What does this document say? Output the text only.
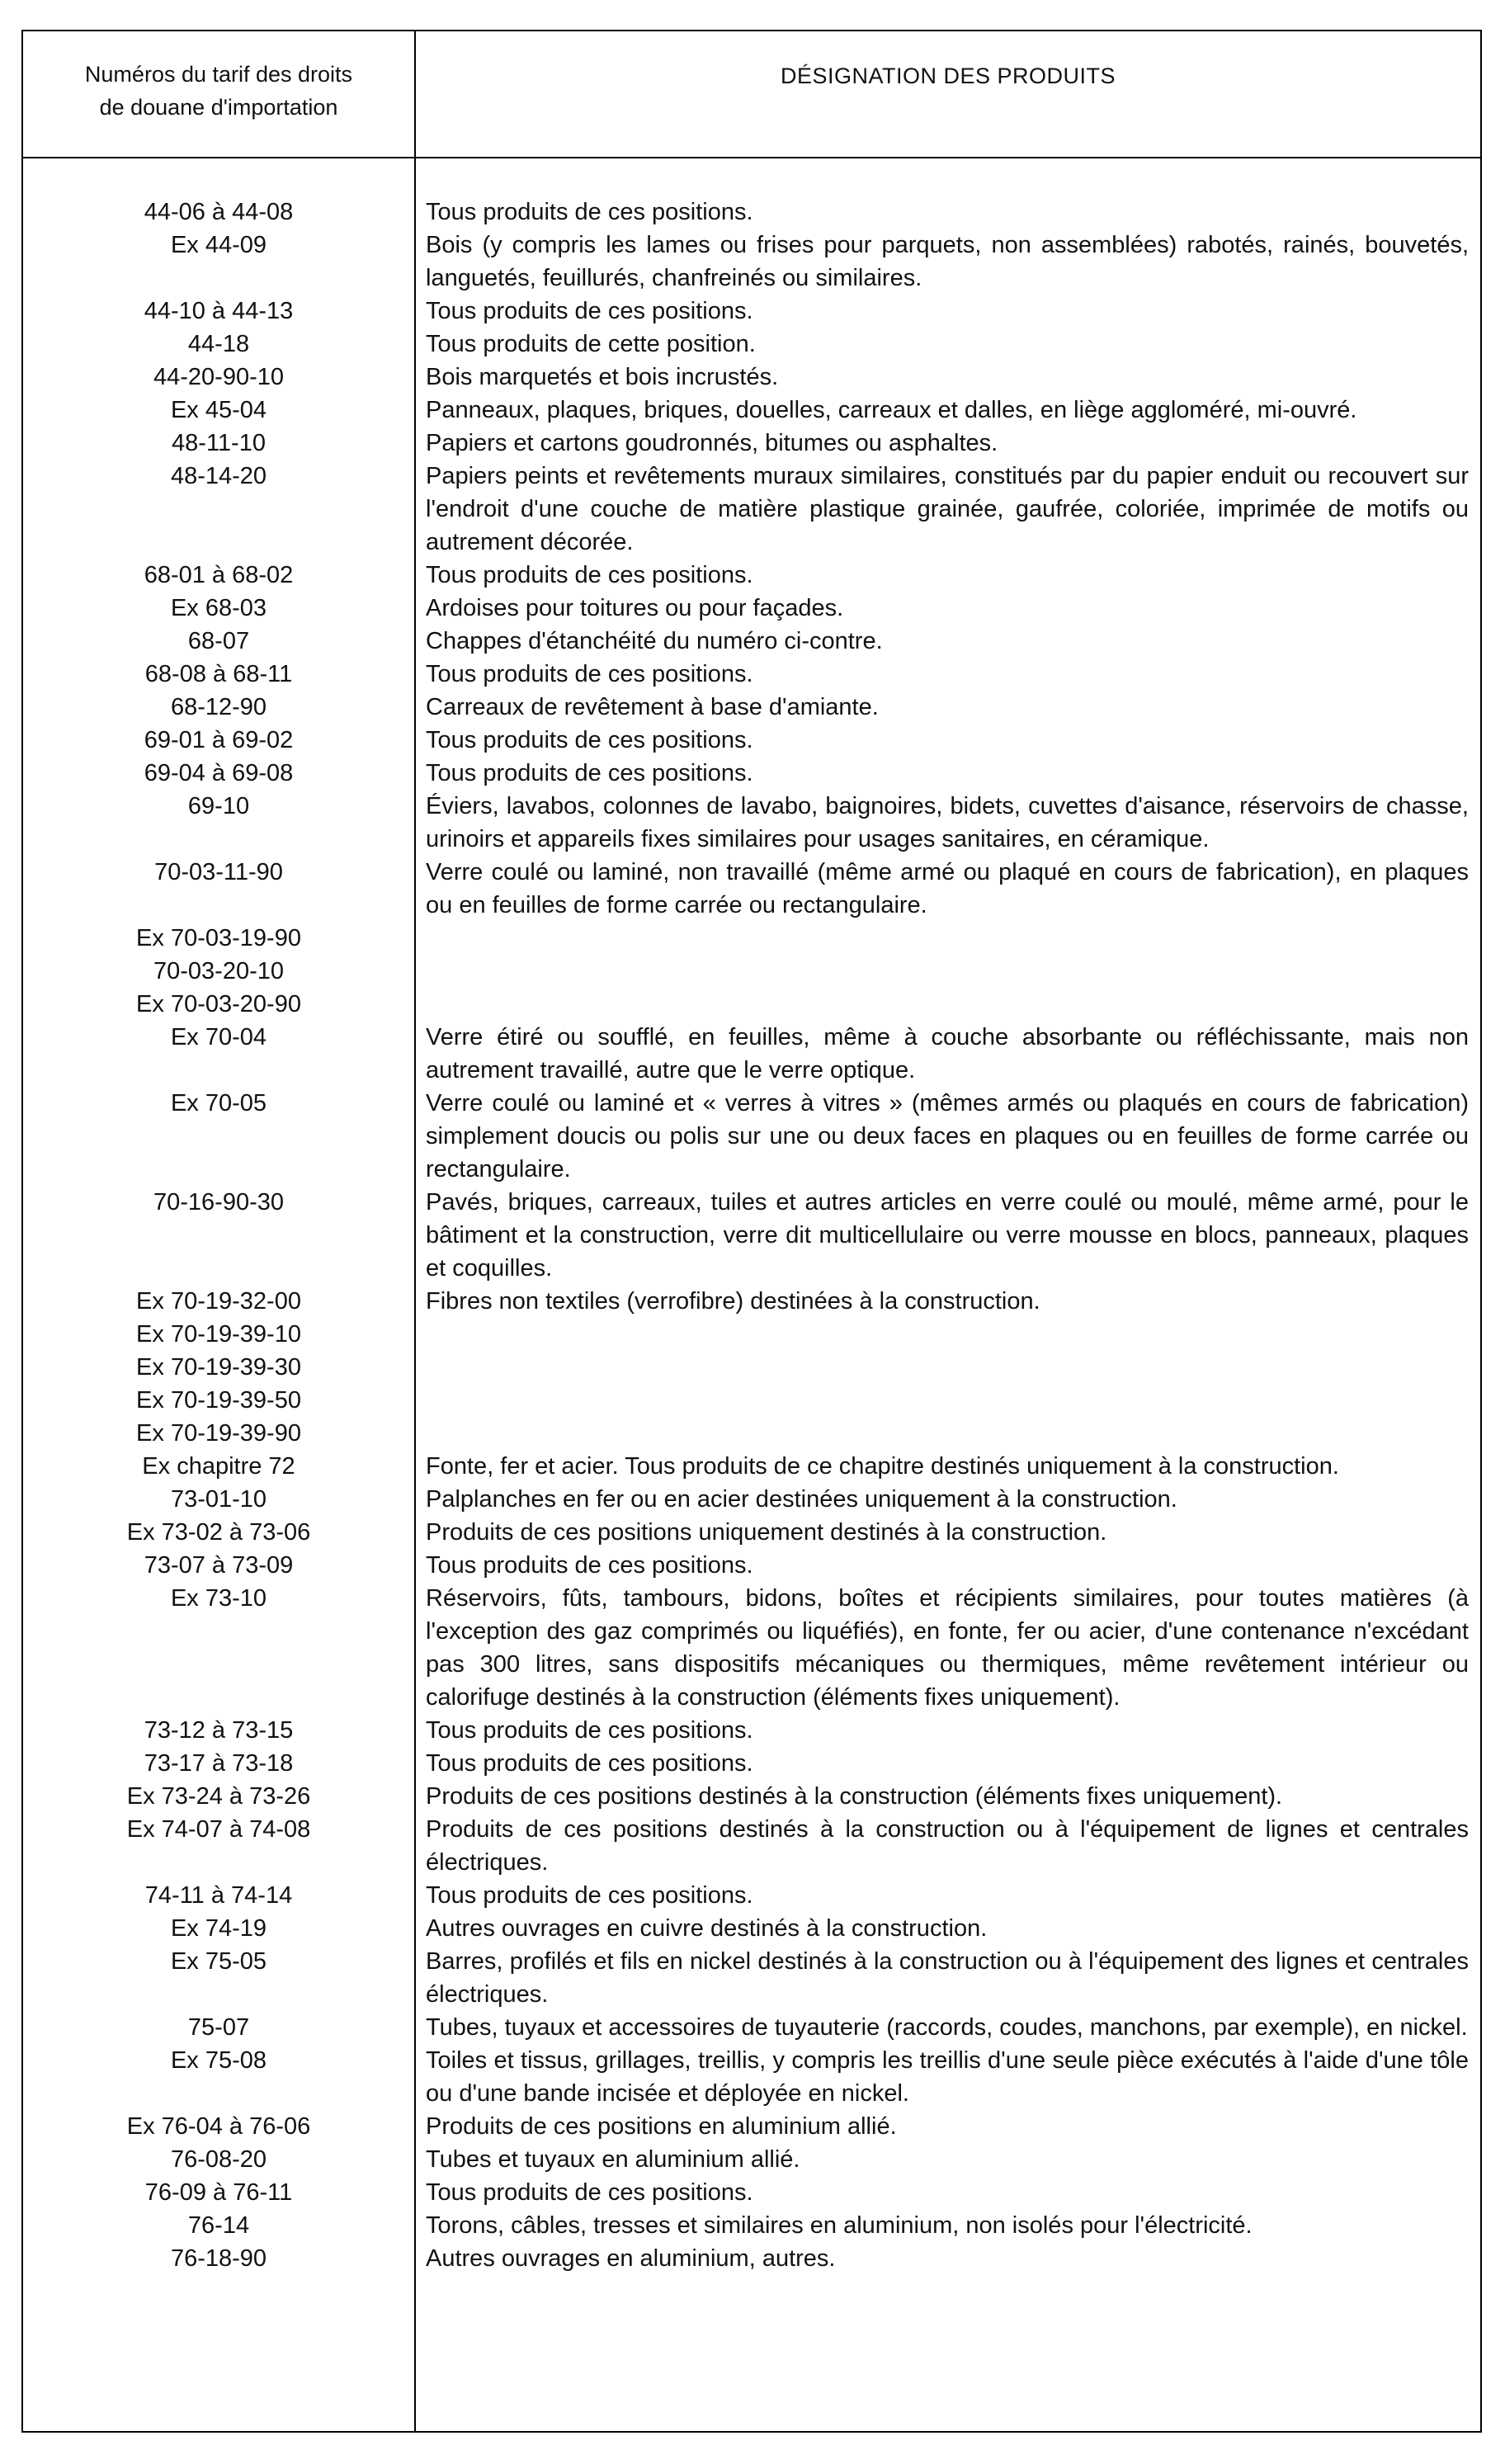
Numéros du tarif des droits
de douane d'importation
DÉSIGNATION DES PRODUITS
44-06 à 44-08	Tous produits de ces positions.
Ex 44-09	Bois (y compris les lames ou frises pour parquets, non assemblées) rabotés, rainés, bouvetés, languetés, feuillurés, chanfreinés ou similaires.
44-10 à 44-13	Tous produits de ces positions.
44-18	Tous produits de cette position.
44-20-90-10	Bois marquetés et bois incrustés.
Ex 45-04	Panneaux, plaques, briques, douelles, carreaux et dalles, en liège aggloméré, mi-ouvré.
48-11-10	Papiers et cartons goudronnés, bitumes ou asphaltes.
48-14-20	Papiers peints et revêtements muraux similaires, constitués par du papier enduit ou recouvert sur l'endroit d'une couche de matière plastique grainée, gaufrée, coloriée, imprimée de motifs ou autrement décorée.
68-01 à 68-02	Tous produits de ces positions.
Ex 68-03	Ardoises pour toitures ou pour façades.
68-07	Chappes d'étanchéité du numéro ci-contre.
68-08 à 68-11	Tous produits de ces positions.
68-12-90	Carreaux de revêtement à base d'amiante.
69-01 à 69-02	Tous produits de ces positions.
69-04 à 69-08	Tous produits de ces positions.
69-10	Éviers, lavabos, colonnes de lavabo, baignoires, bidets, cuvettes d'aisance, réservoirs de chasse, urinoirs et appareils fixes similaires pour usages sanitaires, en céramique.
70-03-11-90	Verre coulé ou laminé, non travaillé (même armé ou plaqué en cours de fabrication), en plaques ou en feuilles de forme carrée ou rectangulaire.
Ex 70-03-19-90
70-03-20-10
Ex 70-03-20-90
Ex 70-04	Verre étiré ou soufflé, en feuilles, même à couche absorbante ou réfléchissante, mais non autrement travaillé, autre que le verre optique.
Ex 70-05	Verre coulé ou laminé et « verres à vitres » (mêmes armés ou plaqués en cours de fabrication) simplement doucis ou polis sur une ou deux faces en plaques ou en feuilles de forme carrée ou rectangulaire.
70-16-90-30	Pavés, briques, carreaux, tuiles et autres articles en verre coulé ou moulé, même armé, pour le bâtiment et la construction, verre dit multicellulaire ou verre mousse en blocs, panneaux, plaques et coquilles.
Ex 70-19-32-00	Fibres non textiles (verrofibre) destinées à la construction.
Ex 70-19-39-10
Ex 70-19-39-30
Ex 70-19-39-50
Ex 70-19-39-90
Ex chapitre 72	Fonte, fer et acier. Tous produits de ce chapitre destinés uniquement à la construction.
73-01-10	Palplanches en fer ou en acier destinées uniquement à la construction.
Ex 73-02 à 73-06	Produits de ces positions uniquement destinés à la construction.
73-07 à 73-09	Tous produits de ces positions.
Ex 73-10	Réservoirs, fûts, tambours, bidons, boîtes et récipients similaires, pour toutes matières (à l'exception des gaz comprimés ou liquéfiés), en fonte, fer ou acier, d'une contenance n'excédant pas 300 litres, sans dispositifs mécaniques ou thermiques, même revêtement intérieur ou calorifuge destinés à la construction (éléments fixes uniquement).
73-12 à 73-15	Tous produits de ces positions.
73-17 à 73-18	Tous produits de ces positions.
Ex 73-24 à 73-26	Produits de ces positions destinés à la construction (éléments fixes uniquement).
Ex 74-07 à 74-08	Produits de ces positions destinés à la construction ou à l'équipement de lignes et centrales électriques.
74-11 à 74-14	Tous produits de ces positions.
Ex 74-19	Autres ouvrages en cuivre destinés à la construction.
Ex 75-05	Barres, profilés et fils en nickel destinés à la construction ou à l'équipement des lignes et centrales électriques.
75-07	Tubes, tuyaux et accessoires de tuyauterie (raccords, coudes, manchons, par exemple), en nickel.
Ex 75-08	Toiles et tissus, grillages, treillis, y compris les treillis d'une seule pièce exécutés à l'aide d'une tôle ou d'une bande incisée et déployée en nickel.
Ex 76-04 à 76-06	Produits de ces positions en aluminium allié.
76-08-20	Tubes et tuyaux en aluminium allié.
76-09 à 76-11	Tous produits de ces positions.
76-14	Torons, câbles, tresses et similaires en aluminium, non isolés pour l'électricité.
76-18-90	Autres ouvrages en aluminium, autres.
